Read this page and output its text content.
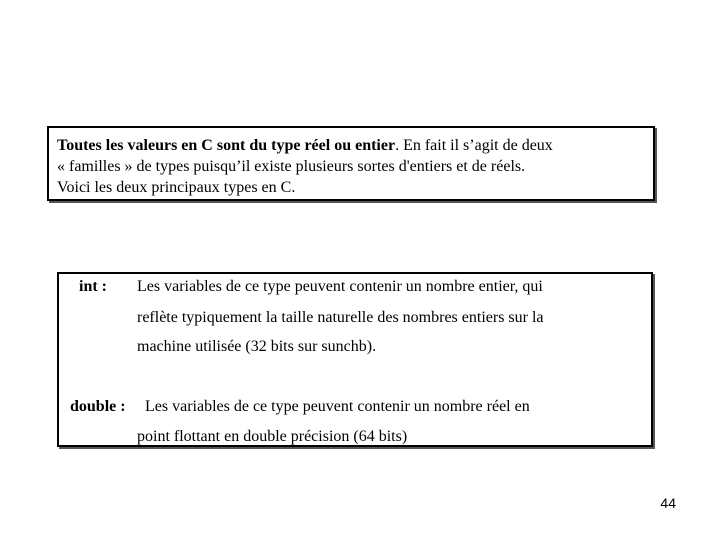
Toutes les valeurs en C sont du type réel ou entier. En fait il s’agit de deux
« familles » de types puisqu’il existe plusieurs sortes d'entiers et de réels.
Voici les deux principaux types en C.
int : Les variables de ce type peuvent contenir un nombre entier, qui
reflète typiquement la taille naturelle des nombres entiers sur la
machine utilisée (32 bits sur sunchb).
double : Les variables de ce type peuvent contenir un nombre réel en
point flottant en double précision (64 bits)
44
